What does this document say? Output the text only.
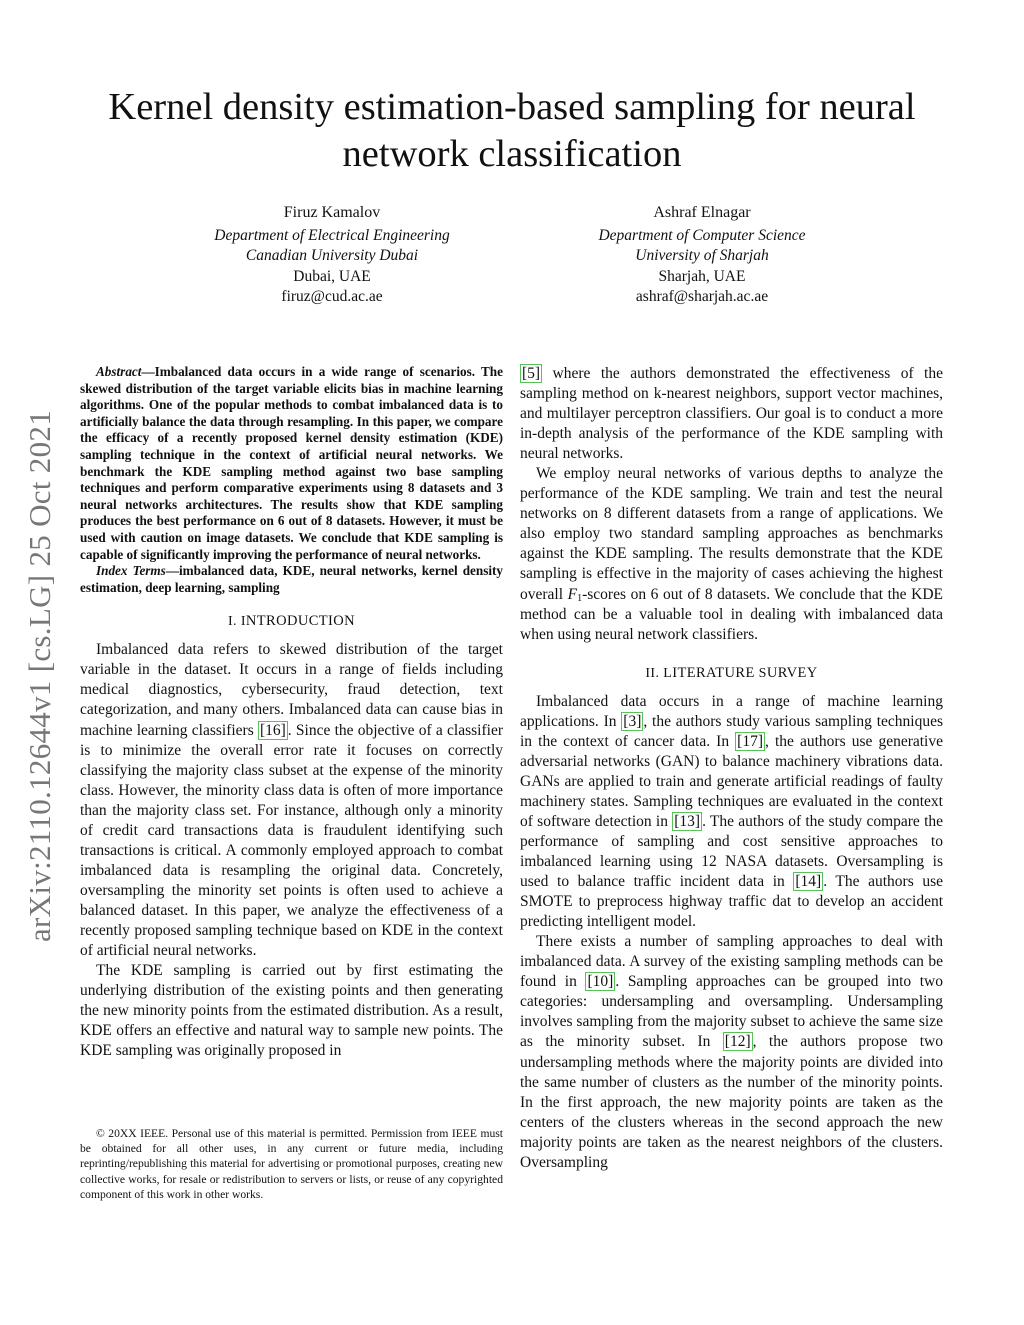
arXiv:2110.12644v1 [cs.LG] 25 Oct 2021
Kernel density estimation-based sampling for neural network classification
Firuz Kamalov
Department of Electrical Engineering
Canadian University Dubai
Dubai, UAE
firuz@cud.ac.ae
Ashraf Elnagar
Department of Computer Science
University of Sharjah
Sharjah, UAE
ashraf@sharjah.ac.ae

Abstract—Imbalanced data occurs in a wide range of scenarios. The skewed distribution of the target variable elicits bias in machine learning algorithms. One of the popular methods to combat imbalanced data is to artificially balance the data through resampling. In this paper, we compare the efficacy of a recently proposed kernel density estimation (KDE) sampling technique in the context of artificial neural networks. We benchmark the KDE sampling method against two base sampling techniques and perform comparative experiments using 8 datasets and 3 neural networks architectures. The results show that KDE sampling produces the best performance on 6 out of 8 datasets. However, it must be used with caution on image datasets. We conclude that KDE sampling is capable of significantly improving the performance of neural networks.

Index Terms—imbalanced data, KDE, neural networks, kernel density estimation, deep learning, sampling

I. INTRODUCTION

Imbalanced data refers to skewed distribution of the target variable in the dataset. It occurs in a range of fields including medical diagnostics, cybersecurity, fraud detection, text categorization, and many others. Imbalanced data can cause bias in machine learning classifiers [16] . Since the objective of a classifier is to minimize the overall error rate it focuses on correctly classifying the majority class subset at the expense of the minority class. However, the minority class data is often of more importance than the majority class set. For instance, although only a minority of credit card transactions data is fraudulent identifying such transactions is critical. A commonly employed approach to combat imbalanced data is resampling the original data. Concretely, oversampling the minority set points is often used to achieve a balanced dataset. In this paper, we analyze the effectiveness of a recently proposed sampling technique based on KDE in the context of artificial neural networks.

The KDE sampling is carried out by first estimating the underlying distribution of the existing points and then generating the new minority points from the estimated distribution. As a result, KDE offers an effective and natural way to sample new points. The KDE sampling was originally proposed in

© 20XX IEEE. Personal use of this material is permitted. Permission from IEEE must be obtained for all other uses, in any current or future media, including reprinting/republishing this material for advertising or promotional purposes, creating new collective works, for resale or redistribution to servers or lists, or reuse of any copyrighted component of this work in other works.

[5] where the authors demonstrated the effectiveness of the sampling method on k-nearest neighbors, support vector machines, and multilayer perceptron classifiers. Our goal is to conduct a more in-depth analysis of the performance of the KDE sampling with neural networks.

We employ neural networks of various depths to analyze the performance of the KDE sampling. We train and test the neural networks on 8 different datasets from a range of applications. We also employ two standard sampling approaches as benchmarks against the KDE sampling. The results demonstrate that the KDE sampling is effective in the majority of cases achieving the highest overall $F_1$-scores on 6 out of 8 datasets. We conclude that the KDE method can be a valuable tool in dealing with imbalanced data when using neural network classifiers.

II. LITERATURE SURVEY

Imbalanced data occurs in a range of machine learning applications. In [3] , the authors study various sampling techniques in the context of cancer data. In [17] , the authors use generative adversarial networks (GAN) to balance machinery vibrations data. GANs are applied to train and generate artificial readings of faulty machinery states. Sampling techniques are evaluated in the context of software detection in [13] . The authors of the study compare the performance of sampling and cost sensitive approaches to imbalanced learning using 12 NASA datasets. Oversampling is used to balance traffic incident data in [14] . The authors use SMOTE to preprocess highway traffic dat to develop an accident predicting intelligent model.

There exists a number of sampling approaches to deal with imbalanced data. A survey of the existing sampling methods can be found in [10] . Sampling approaches can be grouped into two categories: undersampling and oversampling. Undersampling involves sampling from the majority subset to achieve the same size as the minority subset. In [12] , the authors propose two undersampling methods where the majority points are divided into the same number of clusters as the number of the minority points. In the first approach, the new majority points are taken as the centers of the clusters whereas in the second approach the new majority points are taken as the nearest neighbors of the clusters. Oversampling
